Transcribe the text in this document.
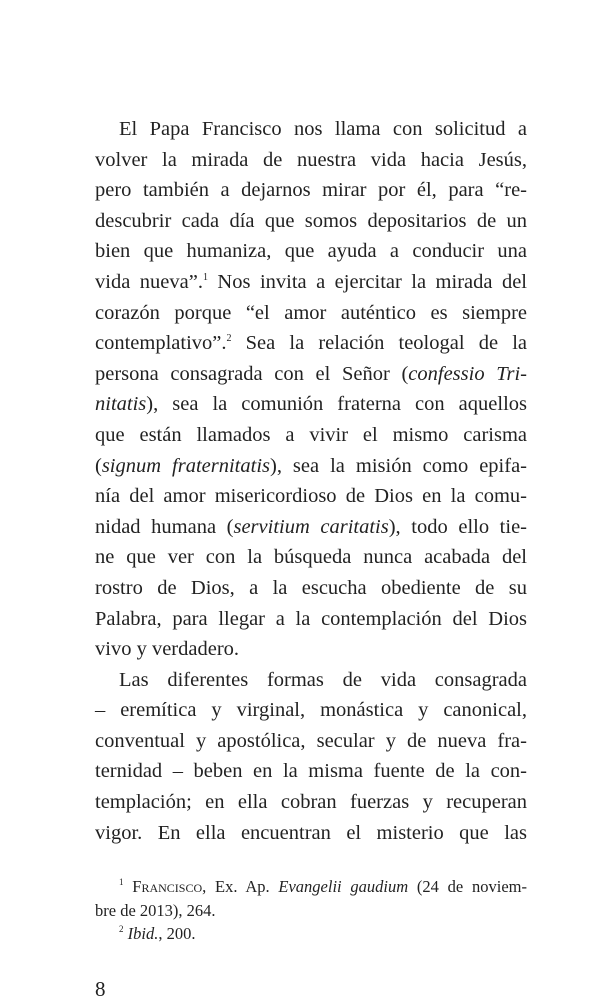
El Papa Francisco nos llama con solicitud a
volver la mirada de nuestra vida hacia Jesús,
pero también a dejarnos mirar por él, para “re-
descubrir cada día que somos depositarios de un
bien que humaniza, que ayuda a conducir una
vida nueva”.$^1$ Nos invita a ejercitar la mirada del
corazón porque “el amor auténtico es siempre
contemplativo”.$^2$ Sea la relación teologal de la
persona consagrada con el Señor (confessio Tri-
nitatis), sea la comunión fraterna con aquellos
que están llamados a vivir el mismo carisma
(signum fraternitatis), sea la misión como epifa-
nía del amor misericordioso de Dios en la comu-
nidad humana (servitium caritatis), todo ello tie-
ne que ver con la búsqueda nunca acabada del
rostro de Dios, a la escucha obediente de su
Palabra, para llegar a la contemplación del Dios
vivo y verdadero.
Las diferentes formas de vida consagrada
– eremítica y virginal, monástica y canonical,
conventual y apostólica, secular y de nueva fra-
ternidad – beben en la misma fuente de la con-
templación; en ella cobran fuerzas y recuperan
vigor. En ella encuentran el misterio que las
$^1$ Francisco, Ex. Ap. Evangelii gaudium (24 de noviem-
bre de 2013), 264.
$^2$ Ibid., 200.
8
